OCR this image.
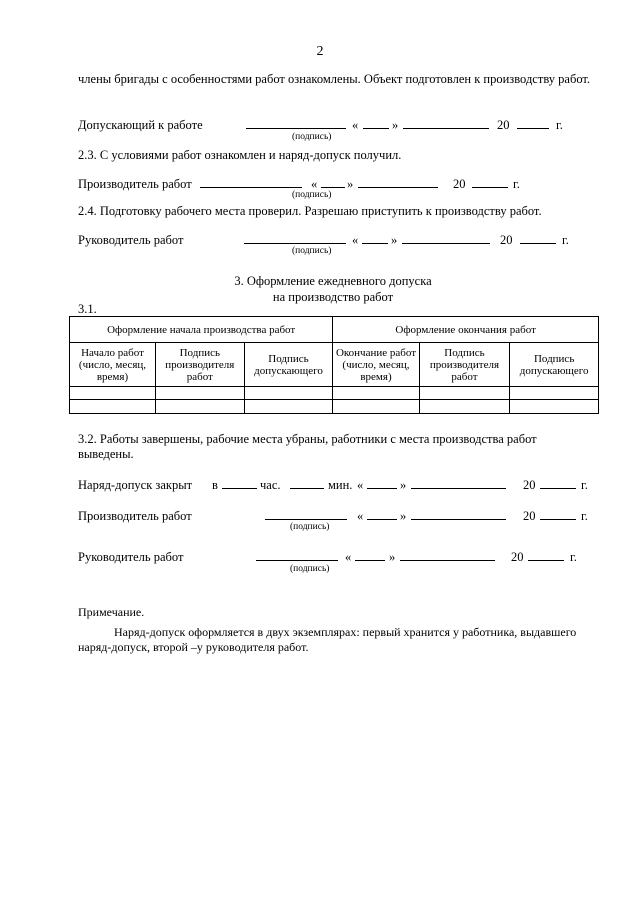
2
члены бригады с особенностями работ ознакомлены. Объект подготовлен к производству работ.
Допускающий к работе	«	»	20	г.
(подпись)
2.3. С условиями работ ознакомлен и наряд-допуск получил.
Производитель работ	« »	20	г.
(подпись)
2.4. Подготовку рабочего места проверил. Разрешаю приступить к производству работ.
Руководитель работ	«	»	20	г.
(подпись)
3. Оформление ежедневного допуска
на производство работ
3.1.
Оформление начала производства работ			Оформление окончания работ		
Начало работ (число, месяц, время)	Подпись производителя работ	Подпись допускающего	Окончание работ (число, месяц, время)	Подпись производителя работ	Подпись допускающего

3.2. Работы завершены, рабочие места убраны, работники с места производства работ выведены.
Наряд-допуск закрыт в	час.	мин. «	»	20	г.
Производитель работ	«	»	20	г.
(подпись)
Руководитель работ	«	»	20	г.
(подпись)
Примечание.
Наряд-допуск оформляется в двух экземплярах: первый хранится у работника, выдавшего наряд-допуск, второй –у руководителя работ.
